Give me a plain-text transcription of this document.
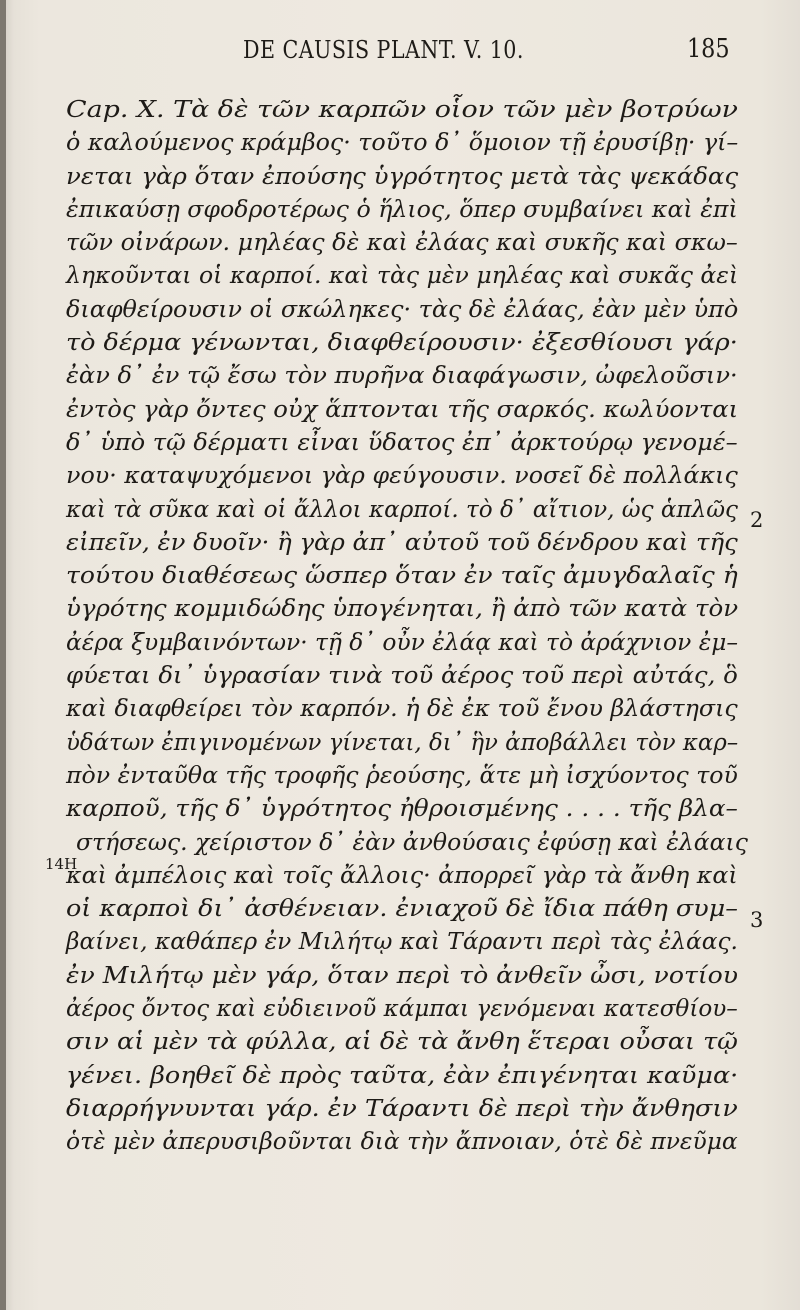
DE CAUSIS PLANT. V. 10.	185
Cap. X. Τὰ δὲ τῶν καρπῶν οἷον τῶν μὲν βοτρύων
ὁ καλούμενος κράμβος· τοῦτο δ᾽ ὅμοιον τῇ ἐρυσίβῃ· γί–
νεται γὰρ ὅταν ἐπούσης ὑγρότητος μετὰ τὰς ψεκάδας
ἐπικαύσῃ σφοδροτέρως ὁ ἥλιος, ὅπερ συμβαίνει καὶ ἐπὶ
τῶν οἰνάρων. μηλέας δὲ καὶ ἐλάας καὶ συκῆς καὶ σκω–
ληκοῦνται οἱ καρποί. καὶ τὰς μὲν μηλέας καὶ συκᾶς ἀεὶ
διαφθείρουσιν οἱ σκώληκες· τὰς δὲ ἐλάας, ἐὰν μὲν ὑπὸ
τὸ δέρμα γένωνται, διαφθείρουσιν· ἐξεσθίουσι γάρ·
ἐὰν δ᾽ ἐν τῷ ἔσω τὸν πυρῆνα διαφάγωσιν, ὠφελοῦσιν·
ἐντὸς γὰρ ὄντες οὐχ ἅπτονται τῆς σαρκός. κωλύονται
δ᾽ ὑπὸ τῷ δέρματι εἶναι ὕδατος ἐπ᾽ ἀρκτούρῳ γενομέ–
νου· καταψυχόμενοι γὰρ φεύγουσιν. νοσεῖ δὲ πολλάκις
καὶ τὰ σῦκα καὶ οἱ ἄλλοι καρποί. τὸ δ᾽ αἴτιον, ὡς ἁπλῶς
εἰπεῖν, ἐν δυοῖν· ἢ γὰρ ἀπ᾽ αὐτοῦ τοῦ δένδρου καὶ τῆς
τούτου διαθέσεως ὥσπερ ὅταν ἐν ταῖς ἀμυγδαλαῖς ἡ
ὑγρότης κομμιδώδης ὑπογένηται, ἢ ἀπὸ τῶν κατὰ τὸν
ἀέρα ξυμβαινόντων· τῇ δ᾽ οὖν ἐλάᾳ καὶ τὸ ἀράχνιον ἐμ–
φύεται δι᾽ ὑγρασίαν τινὰ τοῦ ἀέρος τοῦ περὶ αὐτάς, ὃ
καὶ διαφθείρει τὸν καρπόν. ἡ δὲ ἐκ τοῦ ἔνου βλάστησις
ὑδάτων ἐπιγινομένων γίνεται, δι᾽ ἣν ἀποβάλλει τὸν καρ–
πὸν ἐνταῦθα τῆς τροφῆς ῥεούσης, ἅτε μὴ ἰσχύοντος τοῦ
καρποῦ, τῆς δ᾽ ὑγρότητος ἠθροισμένης . . . . τῆς βλα–
στήσεως. χείριστον δ᾽ ἐὰν ἀνθούσαις ἐφύσῃ καὶ ἐλάαις
καὶ ἀμπέλοις καὶ τοῖς ἄλλοις· ἀπορρεῖ γὰρ τὰ ἄνθη καὶ
οἱ καρποὶ δι᾽ ἀσθένειαν. ἐνιαχοῦ δὲ ἴδια πάθη συμ–
βαίνει, καθάπερ ἐν Μιλήτῳ καὶ Τάραντι περὶ τὰς ἐλάας.
ἐν Μιλήτῳ μὲν γάρ, ὅταν περὶ τὸ ἀνθεῖν ὦσι, νοτίου
ἀέρος ὄντος καὶ εὐδιεινοῦ κάμπαι γενόμεναι κατεσθίου–
σιν αἱ μὲν τὰ φύλλα, αἱ δὲ τὰ ἄνθη ἕτεραι οὖσαι τῷ
γένει. βοηθεῖ δὲ πρὸς ταῦτα, ἐὰν ἐπιγένηται καῦμα·
διαρρήγνυνται γάρ. ἐν Τάραντι δὲ περὶ τὴν ἄνθησιν
ὁτὲ μὲν ἀπερυσιβοῦνται διὰ τὴν ἄπνοιαν, ὁτὲ δὲ πνεῦμα
2
3
14H
